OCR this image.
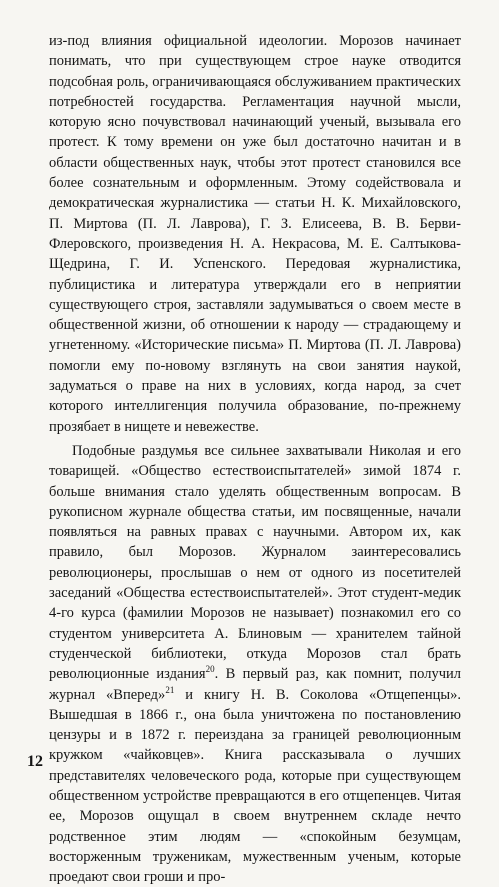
из-под влияния официальной идеологии. Морозов начинает понимать, что при существующем строе науке отводится подсобная роль, ограничивающаяся обслуживанием практических потребностей государства. Регламентация научной мысли, которую ясно почувствовал начинающий ученый, вызывала его протест. К тому времени он уже был достаточно начитан и в области общественных наук, чтобы этот протест становился все более сознательным и оформленным. Этому содействовала и демократическая журналистика — статьи Н. К. Михайловского, П. Миртова (П. Л. Лаврова), Г. З. Елисеева, В. В. Берви-Флеровского, произведения Н. А. Некрасова, М. Е. Салтыкова-Щедрина, Г. И. Успенского. Передовая журналистика, публицистика и литература утверждали его в неприятии существующего строя, заставляли задумываться о своем месте в общественной жизни, об отношении к народу — страдающему и угнетенному. «Исторические письма» П. Миртова (П. Л. Лаврова) помогли ему по-новому взглянуть на свои занятия наукой, задуматься о праве на них в условиях, когда народ, за счет которого интеллигенция получила образование, по-прежнему прозябает в нищете и невежестве.

Подобные раздумья все сильнее захватывали Николая и его товарищей. «Общество естествоиспытателей» зимой 1874 г. больше внимания стало уделять общественным вопросам. В рукописном журнале общества статьи, им посвященные, начали появляться на равных правах с научными. Автором их, как правило, был Морозов. Журналом заинтересовались революционеры, прослышав о нем от одного из посетителей заседаний «Общества естествоиспытателей». Этот студент-медик 4-го курса (фамилии Морозов не называет) познакомил его со студентом университета А. Блиновым — хранителем тайной студенческой библиотеки, откуда Морозов стал брать революционные издания$^{20}$. В первый раз, как помнит, получил журнал «Вперед»$^{21}$ и книгу Н. В. Соколова «Отщепенцы». Вышедшая в 1866 г., она была уничтожена по постановлению цензуры и в 1872 г. переиздана за границей революционным кружком «чайковцев». Книга рассказывала о лучших представителях человеческого рода, которые при существующем общественном устройстве превращаются в его отщепенцев. Читая ее, Морозов ощущал в своем внутреннем складе нечто родственное этим людям — «спокойным безумцам, восторженным труженикам, мужественным ученым, которые проедают свои гроши и про-

12
